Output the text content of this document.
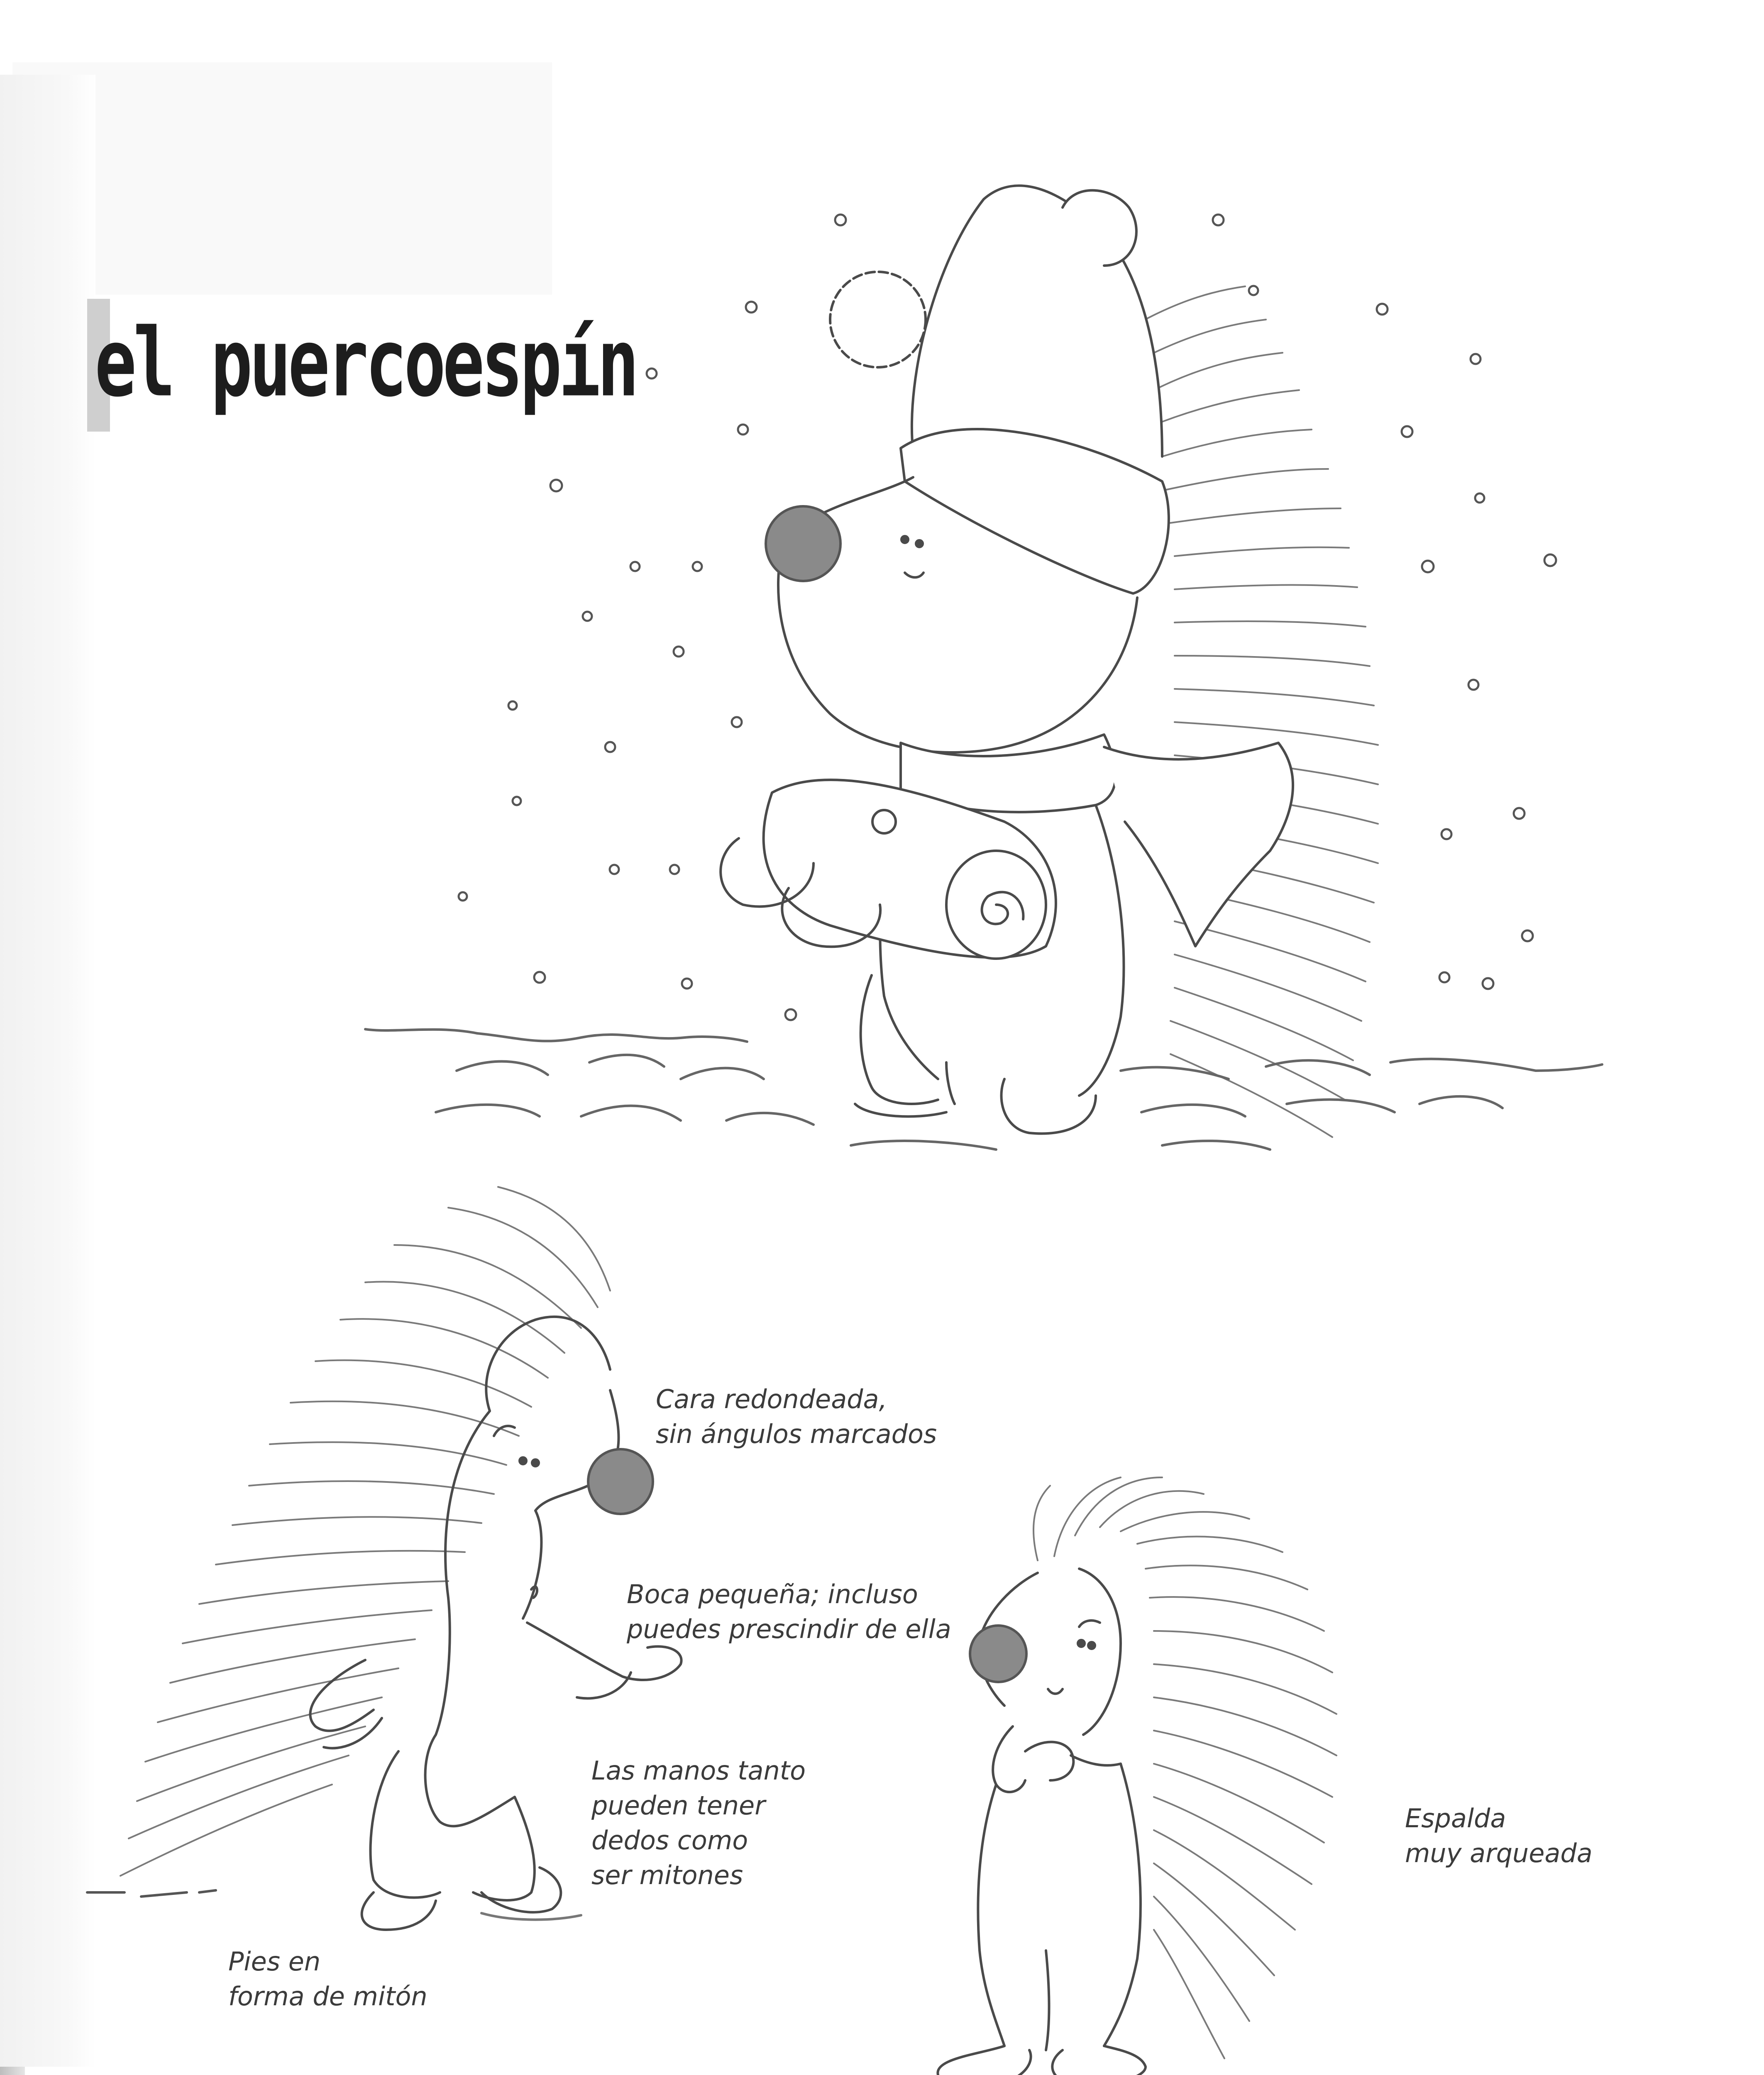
el puercoespín
Cara redondeada,
sin ángulos marcados
Boca pequeña; incluso
puedes prescindir de ella
Las manos tanto
pueden tener
dedos como
ser mitones
Pies en
forma de mitón
Espalda
muy arqueada
